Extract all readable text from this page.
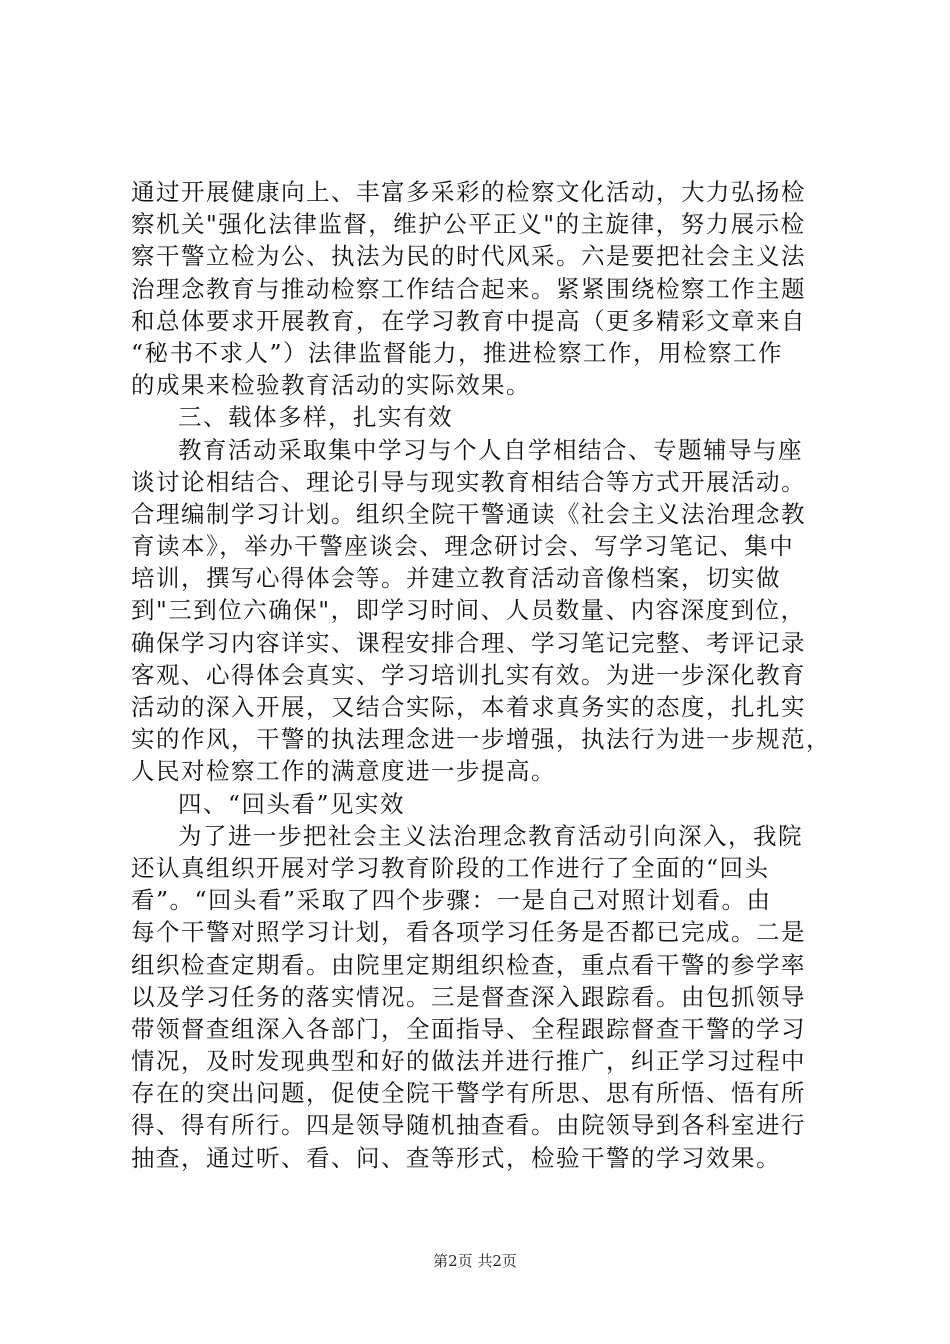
通过开展健康向上、丰富多采彩的检察文化活动，大力弘扬检
察机关"强化法律监督，维护公平正义"的主旋律，努力展示检
察干警立检为公、执法为民的时代风采。六是要把社会主义法
治理念教育与推动检察工作结合起来。紧紧围绕检察工作主题
和总体要求开展教育，在学习教育中提高（更多精彩文章来自
“秘书不求人”）法律监督能力，推进检察工作，用检察工作
的成果来检验教育活动的实际效果。
三、载体多样，扎实有效
教育活动采取集中学习与个人自学相结合、专题辅导与座
谈讨论相结合、理论引导与现实教育相结合等方式开展活动。
合理编制学习计划。组织全院干警通读《社会主义法治理念教
育读本》，举办干警座谈会、理念研讨会、写学习笔记、集中
培训，撰写心得体会等。并建立教育活动音像档案，切实做
到"三到位六确保"，即学习时间、人员数量、内容深度到位，
确保学习内容详实、课程安排合理、学习笔记完整、考评记录
客观、心得体会真实、学习培训扎实有效。为进一步深化教育
活动的深入开展，又结合实际，本着求真务实的态度，扎扎实
实的作风，干警的执法理念进一步增强，执法行为进一步规范，
人民对检察工作的满意度进一步提高。
四、“回头看”见实效
为了进一步把社会主义法治理念教育活动引向深入，我院
还认真组织开展对学习教育阶段的工作进行了全面的“回头
看”。“回头看”采取了四个步骤：一是自己对照计划看。由
每个干警对照学习计划，看各项学习任务是否都已完成。二是
组织检查定期看。由院里定期组织检查，重点看干警的参学率
以及学习任务的落实情况。三是督查深入跟踪看。由包抓领导
带领督查组深入各部门，全面指导、全程跟踪督查干警的学习
情况，及时发现典型和好的做法并进行推广，纠正学习过程中
存在的突出问题，促使全院干警学有所思、思有所悟、悟有所
得、得有所行。四是领导随机抽查看。由院领导到各科室进行
抽查，通过听、看、问、查等形式，检验干警的学习效果。
第2页 共2页
